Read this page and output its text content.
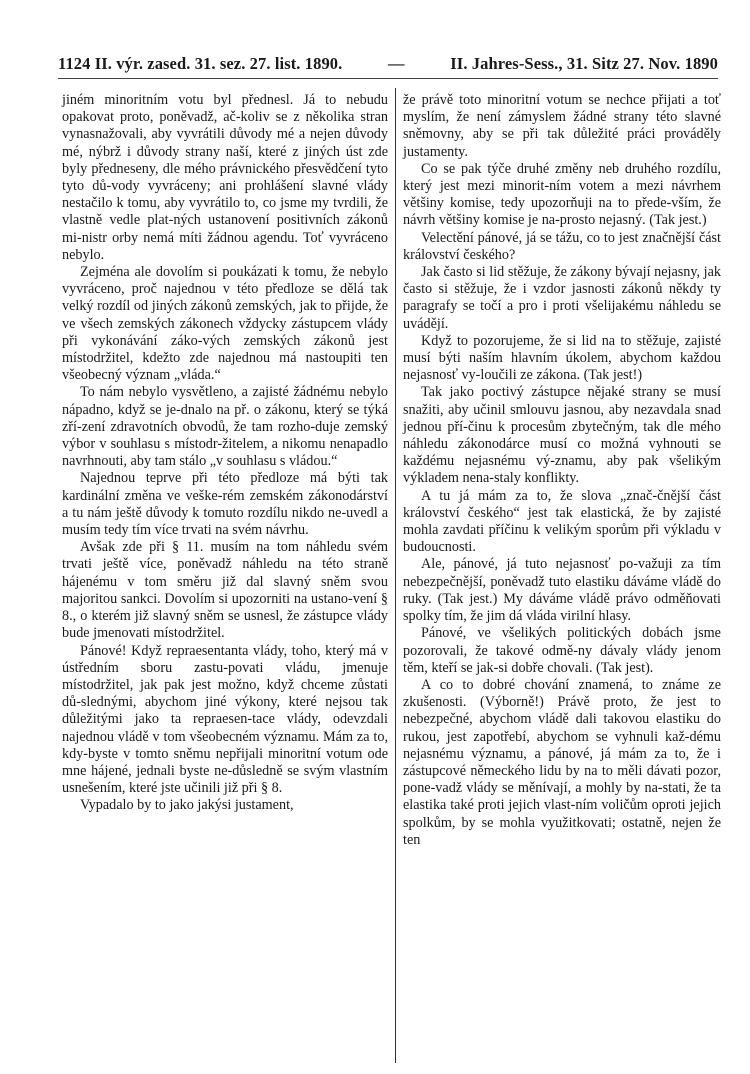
1124 II. výr. zased. 31. sez. 27. list. 1890.	—	II. Jahres-Sess., 31. Sitz 27. Nov. 1890

jiném minoritním votu byl přednesl. Já to nebudu opakovat proto, poněvadž, ač-koliv se z několika stran vynasnažovali, aby vyvrátili důvody mé a nejen důvody mé, nýbrž i důvody strany naší, které z jiných úst zde byly předneseny, dle mého právnického přesvědčení tyto tyto dů-vody vyvráceny; ani prohlášení slavné vlády nestačilo k tomu, aby vyvrátilo to, co jsme my tvrdili, že vlastně vedle plat-ných ustanovení positivních zákonů mi-nistr orby nemá míti žádnou agendu. Toť vyvráceno nebylo.

Zejména ale dovolím si poukázati k tomu, že nebylo vyvráceno, proč najednou v této předloze se dělá tak velký rozdíl od jiných zákonů zemských, jak to přijde, že ve všech zemských zákonech vždycky zástupcem vlády při vykonávání záko-vých zemských zákonů jest místodržitel, kdežto zde najednou má nastoupiti ten všeobecný význam „vláda.“

To nám nebylo vysvětleno, a zajisté žádnému nebylo nápadno, když se je-dnalo na př. o zákonu, který se týká zří-zení zdravotních obvodů, že tam rozho-duje zemský výbor v souhlasu s místodr-žitelem, a nikomu nenapadlo navrhnouti, aby tam stálo „v souhlasu s vládou.“

Najednou teprve při této předloze má býti tak kardinální změna ve veške-rém zemském zákonodárství a tu nám ještě důvody k tomuto rozdílu nikdo ne-uvedl a musím tedy tím více trvati na svém návrhu.

Avšak zde při § 11. musím na tom náhledu svém trvati ještě více, poněvadž náhledu na této straně hájenému v tom směru již dal slavný sněm svou majoritou sankci. Dovolím si upozorniti na ustano-vení § 8., o kterém již slavný sněm se usnesl, že zástupce vlády bude jmenovati místodržitel.

Pánové! Když repraesentanta vlády, toho, který má v ústředním sboru zastu-povati vládu, jmenuje místodržitel, jak pak jest možno, když chceme zůstati dů-slednými, abychom jiné výkony, které nejsou tak důležitými jako ta repraesen-tace vlády, odevzdali najednou vládě v tom všeobecném významu. Mám za to, kdy-byste v tomto sněmu nepřijali minoritní votum ode mne hájené, jednali byste ne-důsledně se svým vlastním usnešením, které jste učinili již při § 8.

Vypadalo by to jako jakýsi justament,

že právě toto minoritní votum se nechce přijati a toť myslím, že není zámyslem žádné strany této slavné sněmovny, aby se při tak důležité práci prováděly justamenty.

Co se pak týče druhé změny neb druhého rozdílu, který jest mezi minorit-ním votem a mezi návrhem většiny komise, tedy upozorňuji na to přede-vším, že návrh většiny komise je na-prosto nejasný. (Tak jest.)

Velectění pánové, já se tážu, co to jest značnější část království českého?

Jak často si lid stěžuje, že zákony bývají nejasny, jak často si stěžuje, že i vzdor jasnosti zákonů někdy ty paragrafy se točí a pro i proti všelijakému náhledu se uvádějí.

Když to pozorujeme, že si lid na to stěžuje, zajisté musí býti naším hlavním úkolem, abychom každou nejasnosť vy-loučili ze zákona. (Tak jest!)

Tak jako poctivý zástupce nějaké strany se musí snažiti, aby učinil smlouvu jasnou, aby nezavdala snad jednou pří-činu k procesům zbytečným, tak dle mého náhledu zákonodárce musí co možná vyhnouti se každému nejasnému vý-znamu, aby pak všelikým výkladem nena-staly konflikty.

A tu já mám za to, že slova „znač-čnější část království českého“ jest tak elastická, že by zajisté mohla zavdati příčinu k velikým sporům při výkladu v budoucnosti.

Ale, pánové, já tuto nejasnosť po-važuji za tím nebezpečnější, poněvadž tuto elastiku dáváme vládě do ruky. (Tak jest.) My dáváme vládě právo odměňovati spolky tím, že jim dá vláda virilní hlasy.

Pánové, ve všelikých politických dobách jsme pozorovali, že takové odmě-ny dávaly vlády jenom těm, kteří se jak-si dobře chovali. (Tak jest).

A co to dobré chování znamená, to známe ze zkušenosti. (Výborně!) Právě proto, že jest to nebezpečné, abychom vládě dali takovou elastiku do rukou, jest zapotřebí, abychom se vyhnuli kaž-dému nejasnému významu, a pánové, já mám za to, že i zástupcové německého lidu by na to měli dávati pozor, pone-vadž vlády se měnívají, a mohly by na-stati, že ta elastika také proti jejich vlast-ním voličům oproti jejich spolkům, by se mohla využitkovati; ostatně, nejen že ten
